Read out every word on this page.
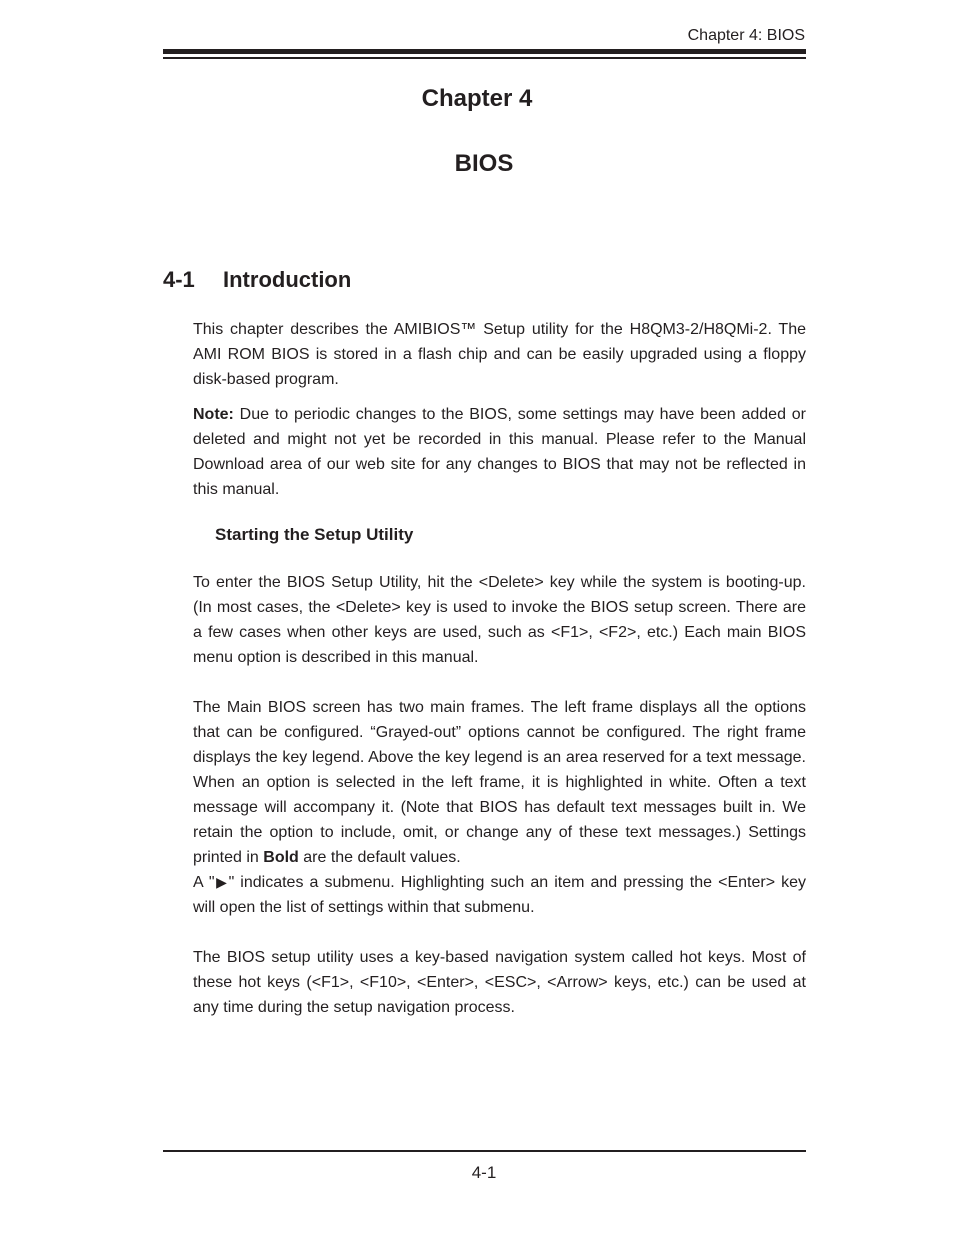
Chapter 4: BIOS
Chapter 4
BIOS
4-1 Introduction

This chapter describes the AMIBIOS™ Setup utility for the H8QM3-2/H8QMi-2. The AMI ROM BIOS is stored in a flash chip and can be easily upgraded using a floppy disk-based program.

Note: Due to periodic changes to the BIOS, some settings may have been added or deleted and might not yet be recorded in this manual. Please refer to the Manual Download area of our web site for any changes to BIOS that may not be reflected in this manual.

Starting the Setup Utility

To enter the BIOS Setup Utility, hit the <Delete> key while the system is booting-up. (In most cases, the <Delete> key is used to invoke the BIOS setup screen. There are a few cases when other keys are used, such as <F1>, <F2>, etc.) Each main BIOS menu option is described in this manual.

The Main BIOS screen has two main frames. The left frame displays all the options that can be configured. “Grayed-out” options cannot be configured. The right frame displays the key legend. Above the key legend is an area reserved for a text message. When an option is selected in the left frame, it is highlighted in white. Often a text message will accompany it. (Note that BIOS has default text messages built in. We retain the option to include, omit, or change any of these text messages.) Settings printed in Bold are the default values.
A "▶" indicates a submenu. Highlighting such an item and pressing the <Enter> key will open the list of settings within that submenu.

The BIOS setup utility uses a key-based navigation system called hot keys. Most of these hot keys (<F1>, <F10>, <Enter>, <ESC>, <Arrow> keys, etc.) can be used at any time during the setup navigation process.

4-1
